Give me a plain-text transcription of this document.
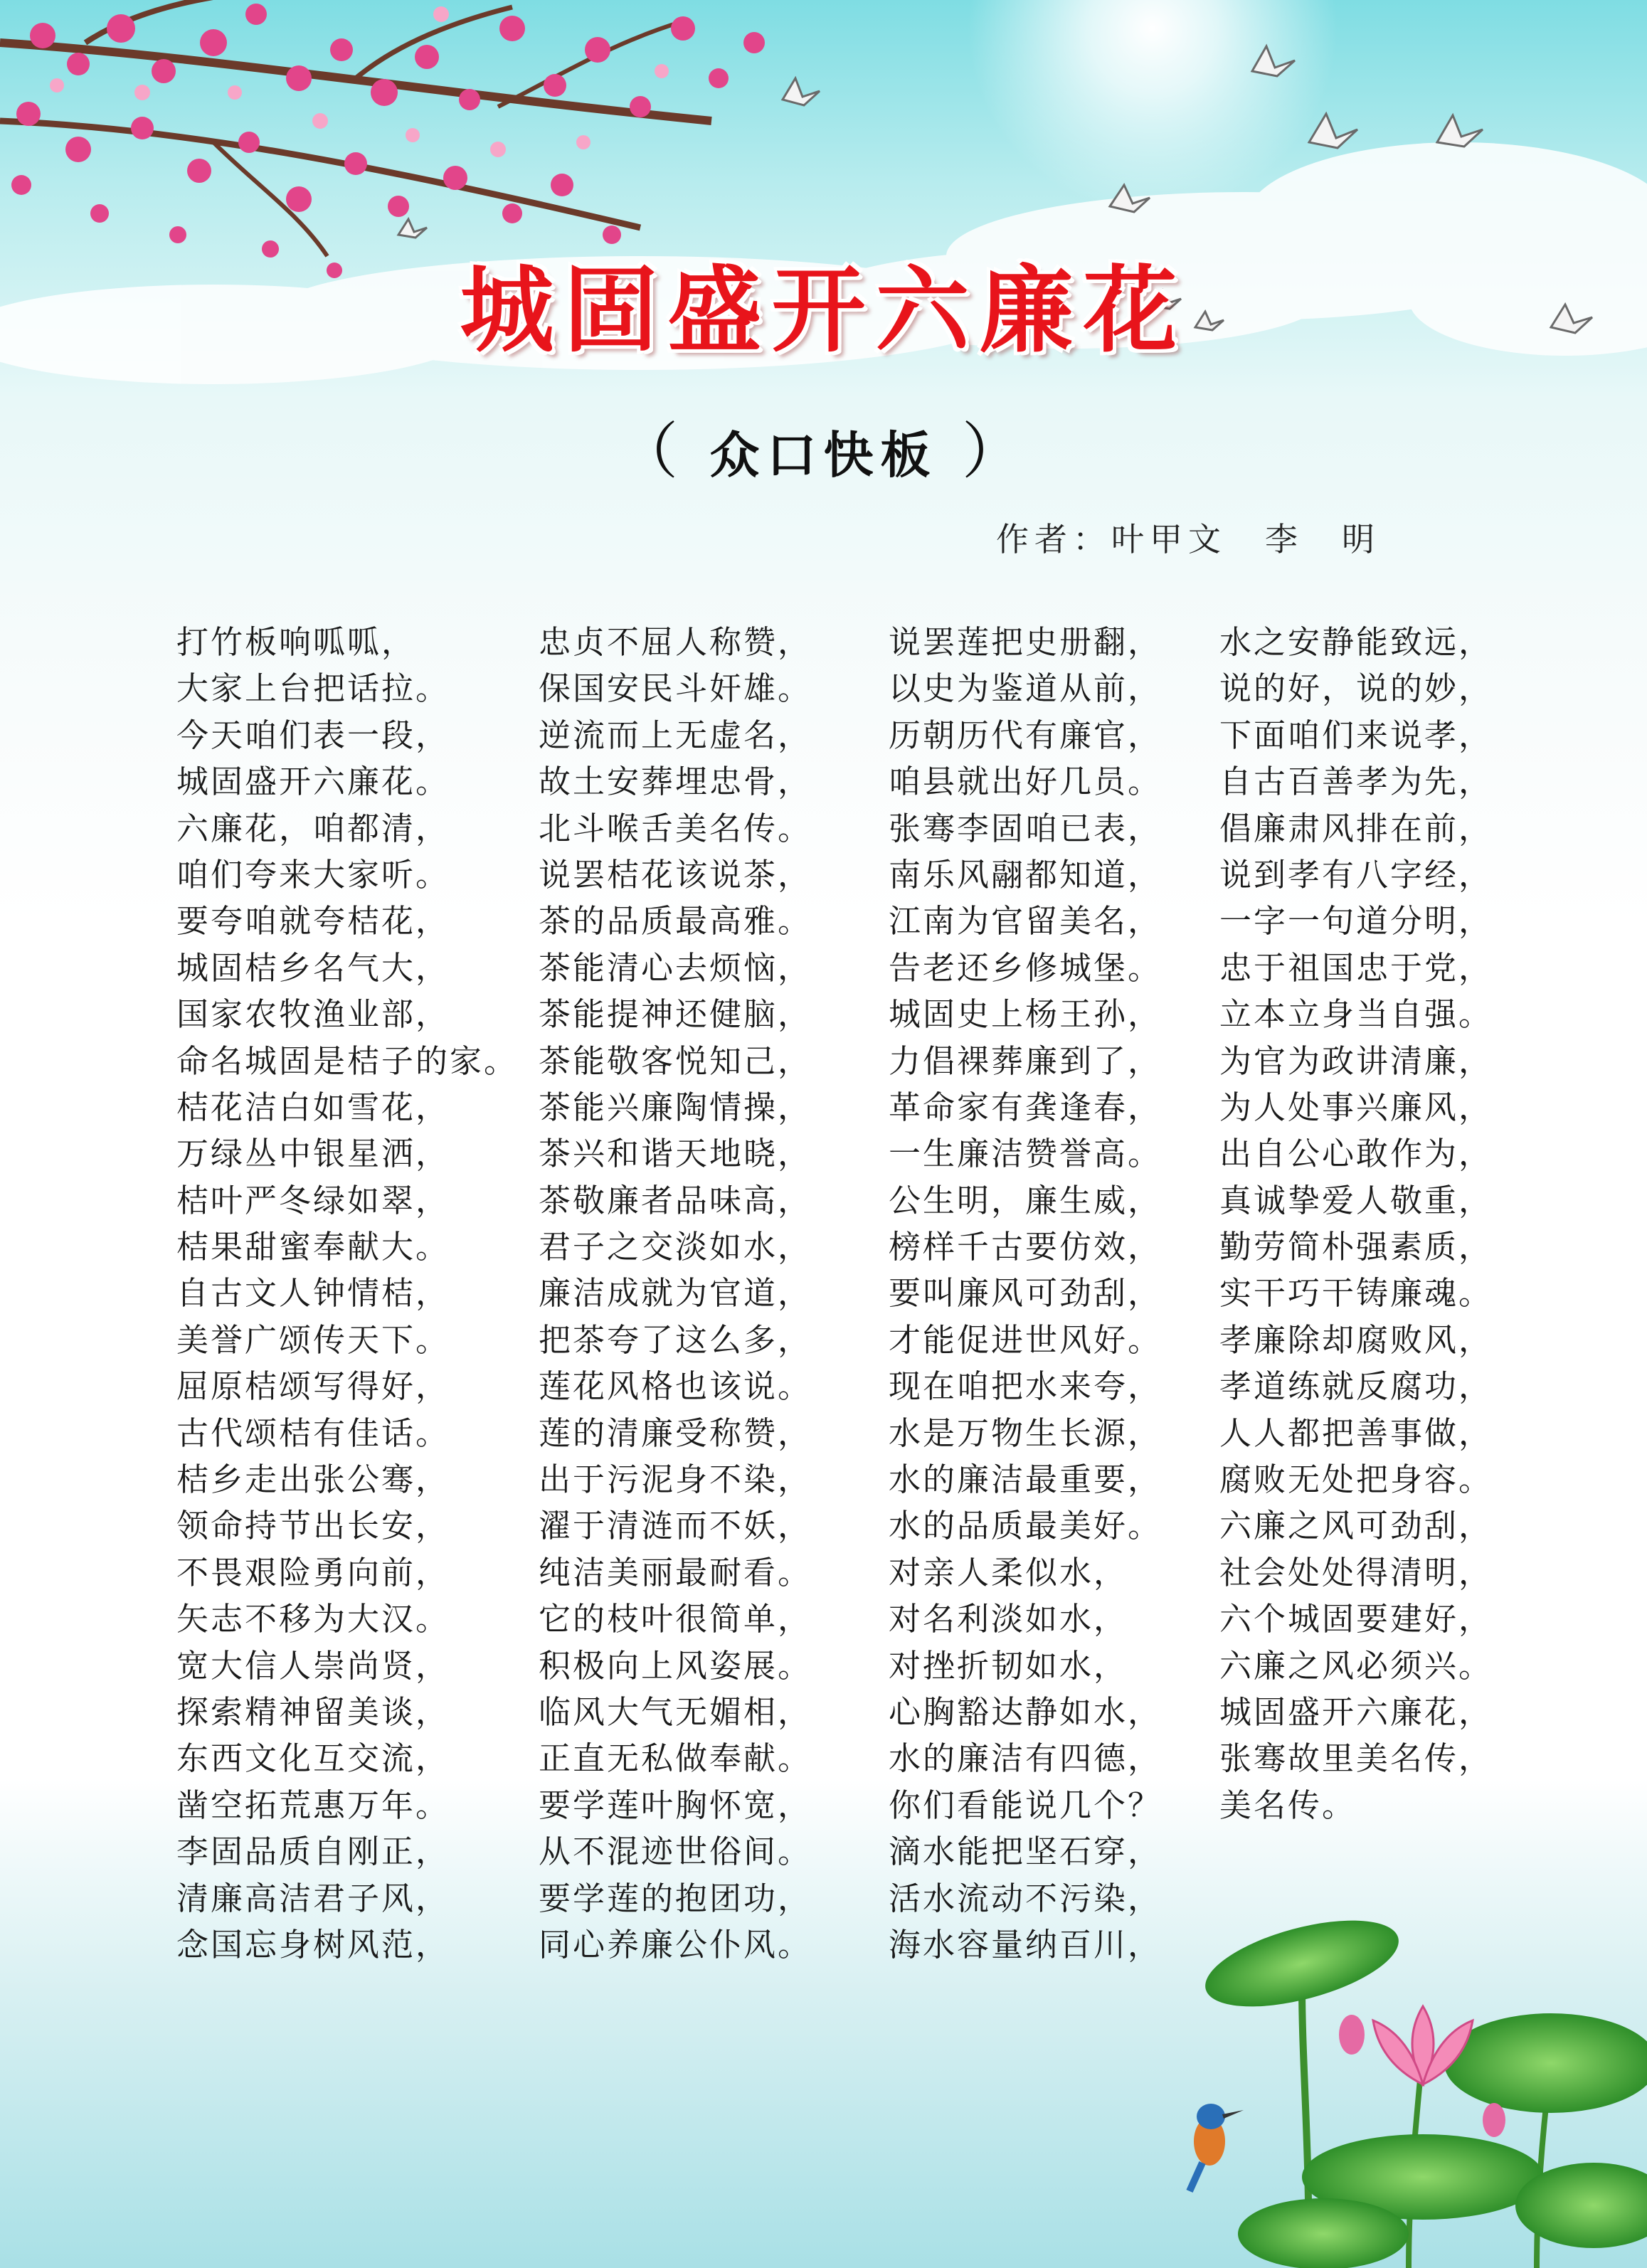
城固盛开六廉花
（ 众口快板 ）
作者：叶甲文　李　明
打竹板响呱呱，
大家上台把话拉。
今天咱们表一段，
城固盛开六廉花。
六廉花，咱都清，
咱们夸来大家听。
要夸咱就夸桔花，
城固桔乡名气大，
国家农牧渔业部，
命名城固是桔子的家。
桔花洁白如雪花，
万绿丛中银星洒，
桔叶严冬绿如翠，
桔果甜蜜奉献大。
自古文人钟情桔，
美誉广颂传天下。
屈原桔颂写得好，
古代颂桔有佳话。
桔乡走出张公骞，
领命持节出长安，
不畏艰险勇向前，
矢志不移为大汉。
宽大信人崇尚贤，
探索精神留美谈，
东西文化互交流，
凿空拓荒惠万年。
李固品质自刚正，
清廉高洁君子风，
念国忘身树风范，
忠贞不屈人称赞，
保国安民斗奸雄。
逆流而上无虚名，
故土安葬埋忠骨，
北斗喉舌美名传。
说罢桔花该说茶，
茶的品质最高雅。
茶能清心去烦恼，
茶能提神还健脑，
茶能敬客悦知己，
茶能兴廉陶情操，
茶兴和谐天地晓，
茶敬廉者品味高，
君子之交淡如水，
廉洁成就为官道，
把茶夸了这么多，
莲花风格也该说。
莲的清廉受称赞，
出于污泥身不染，
濯于清涟而不妖，
纯洁美丽最耐看。
它的枝叶很简单，
积极向上风姿展。
临风大气无媚相，
正直无私做奉献。
要学莲叶胸怀宽，
从不混迹世俗间。
要学莲的抱团功，
同心养廉公仆风。
说罢莲把史册翻，
以史为鉴道从前，
历朝历代有廉官，
咱县就出好几员。
张骞李固咱已表，
南乐风翮都知道，
江南为官留美名，
告老还乡修城堡。
城固史上杨王孙，
力倡裸葬廉到了，
革命家有龚逢春，
一生廉洁赞誉高。
公生明，廉生威，
榜样千古要仿效，
要叫廉风可劲刮，
才能促进世风好。
现在咱把水来夸，
水是万物生长源，
水的廉洁最重要，
水的品质最美好。
对亲人柔似水，
对名利淡如水，
对挫折韧如水，
心胸豁达静如水，
水的廉洁有四德，
你们看能说几个？
滴水能把坚石穿，
活水流动不污染，
海水容量纳百川，
水之安静能致远，
说的好，说的妙，
下面咱们来说孝，
自古百善孝为先，
倡廉肃风排在前，
说到孝有八字经，
一字一句道分明，
忠于祖国忠于党，
立本立身当自强。
为官为政讲清廉，
为人处事兴廉风，
出自公心敢作为，
真诚挚爱人敬重，
勤劳简朴强素质，
实干巧干铸廉魂。
孝廉除却腐败风，
孝道练就反腐功，
人人都把善事做，
腐败无处把身容。
六廉之风可劲刮，
社会处处得清明，
六个城固要建好，
六廉之风必须兴。
城固盛开六廉花，
张骞故里美名传，
美名传。
